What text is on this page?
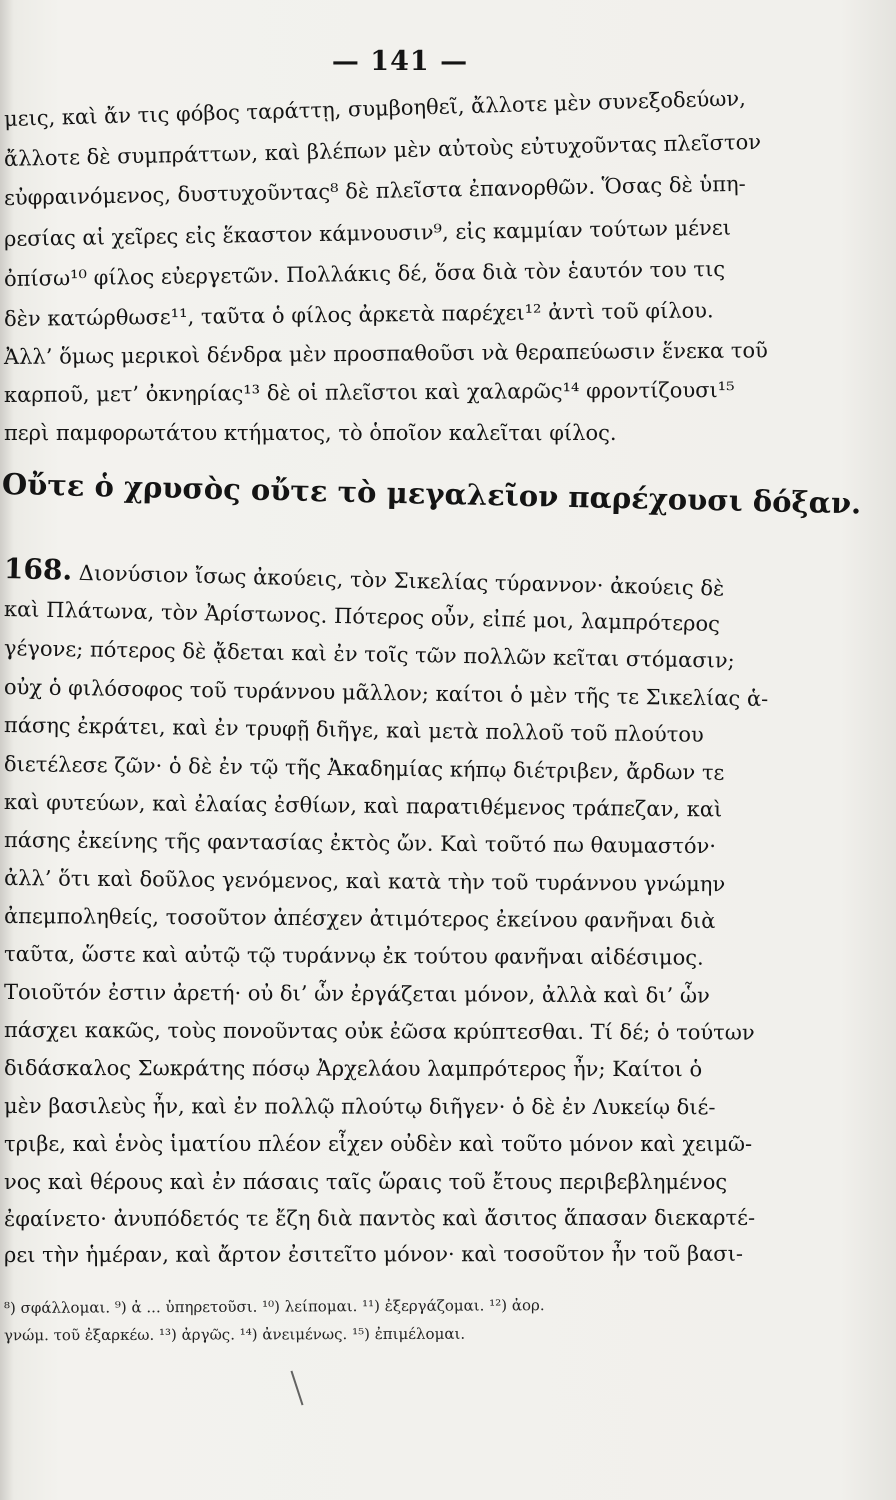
— 141 —
μεις, καὶ ἄν τις φόβος ταράττῃ, συμβοηθεῖ, ἄλλοτε μὲν συνεξοδεύων,
ἄλλοτε δὲ συμπράττων, καὶ βλέπων μὲν αὐτοὺς εὐτυχοῦντας πλεῖστον
εὐφραινόμενος, δυστυχοῦντας⁸ δὲ πλεῖστα ἐπανορθῶν. Ὅσας δὲ ὑπη-
ρεσίας αἱ χεῖρες εἰς ἕκαστον κάμνουσιν⁹, εἰς καμμίαν τούτων μένει
ὀπίσω¹⁰ φίλος εὐεργετῶν. Πολλάκις δέ, ὅσα διὰ τὸν ἑαυτόν του τις
δὲν κατώρθωσε¹¹, ταῦτα ὁ φίλος ἀρκετὰ παρέχει¹² ἀντὶ τοῦ φίλου.
Ἀλλ’ ὅμως μερικοὶ δένδρα μὲν προσπαθοῦσι νὰ θεραπεύωσιν ἕνεκα τοῦ
καρποῦ, μετ’ ὀκνηρίας¹³ δὲ οἱ πλεῖστοι καὶ χαλαρῶς¹⁴ φροντίζουσι¹⁵
περὶ παμφορωτάτου κτήματος, τὸ ὁποῖον καλεῖται φίλος.
Οὔτε ὁ χρυσὸς οὔτε τὸ μεγαλεῖον παρέχουσι δόξαν.
168. Διονύσιον ἴσως ἀκούεις, τὸν Σικελίας τύραννον· ἀκούεις δὲ
καὶ Πλάτωνα, τὸν Ἀρίστωνος. Πότερος οὖν, εἰπέ μοι, λαμπρότερος
γέγονε; πότερος δὲ ᾄδεται καὶ ἐν τοῖς τῶν πολλῶν κεῖται στόμασιν;
οὐχ ὁ φιλόσοφος τοῦ τυράννου μᾶλλον; καίτοι ὁ μὲν τῆς τε Σικελίας ἁ-
πάσης ἐκράτει, καὶ ἐν τρυφῇ διῆγε, καὶ μετὰ πολλοῦ τοῦ πλούτου
διετέλεσε ζῶν· ὁ δὲ ἐν τῷ τῆς Ἀκαδημίας κήπῳ διέτριβεν, ἄρδων τε
καὶ φυτεύων, καὶ ἐλαίας ἐσθίων, καὶ παρατιθέμενος τράπεζαν, καὶ
πάσης ἐκείνης τῆς φαντασίας ἐκτὸς ὤν. Καὶ τοῦτό πω θαυμαστόν·
ἀλλ’ ὅτι καὶ δοῦλος γενόμενος, καὶ κατὰ τὴν τοῦ τυράννου γνώμην
ἀπεμποληθείς, τοσοῦτον ἀπέσχεν ἀτιμότερος ἐκείνου φανῆναι διὰ
ταῦτα, ὥστε καὶ αὐτῷ τῷ τυράννῳ ἐκ τούτου φανῆναι αἰδέσιμος.
Τοιοῦτόν ἐστιν ἀρετή· οὐ δι’ ὧν ἐργάζεται μόνον, ἀλλὰ καὶ δι’ ὧν
πάσχει κακῶς, τοὺς πονοῦντας οὐκ ἐῶσα κρύπτεσθαι. Τί δέ; ὁ τούτων
διδάσκαλος Σωκράτης πόσῳ Ἀρχελάου λαμπρότερος ἦν; Καίτοι ὁ
μὲν βασιλεὺς ἦν, καὶ ἐν πολλῷ πλούτῳ διῆγεν· ὁ δὲ ἐν Λυκείῳ διέ-
τριβε, καὶ ἑνὸς ἱματίου πλέον εἶχεν οὐδὲν καὶ τοῦτο μόνον καὶ χειμῶ-
νος καὶ θέρους καὶ ἐν πάσαις ταῖς ὥραις τοῦ ἔτους περιβεβλημένος
ἐφαίνετο· ἀνυπόδετός τε ἔζη διὰ παντὸς καὶ ἄσιτος ἅπασαν διεκαρτέ-
ρει τὴν ἡμέραν, καὶ ἄρτον ἐσιτεῖτο μόνον· καὶ τοσοῦτον ἦν τοῦ βασι-
⁸) σφάλλομαι. ⁹) ἀ ... ὑπηρετοῦσι. ¹⁰) λείπομαι. ¹¹) ἐξεργάζομαι. ¹²) ἀορ.
γνώμ. τοῦ ἐξαρκέω. ¹³) ἀργῶς. ¹⁴) ἀνειμένως. ¹⁵) ἐπιμέλομαι.
